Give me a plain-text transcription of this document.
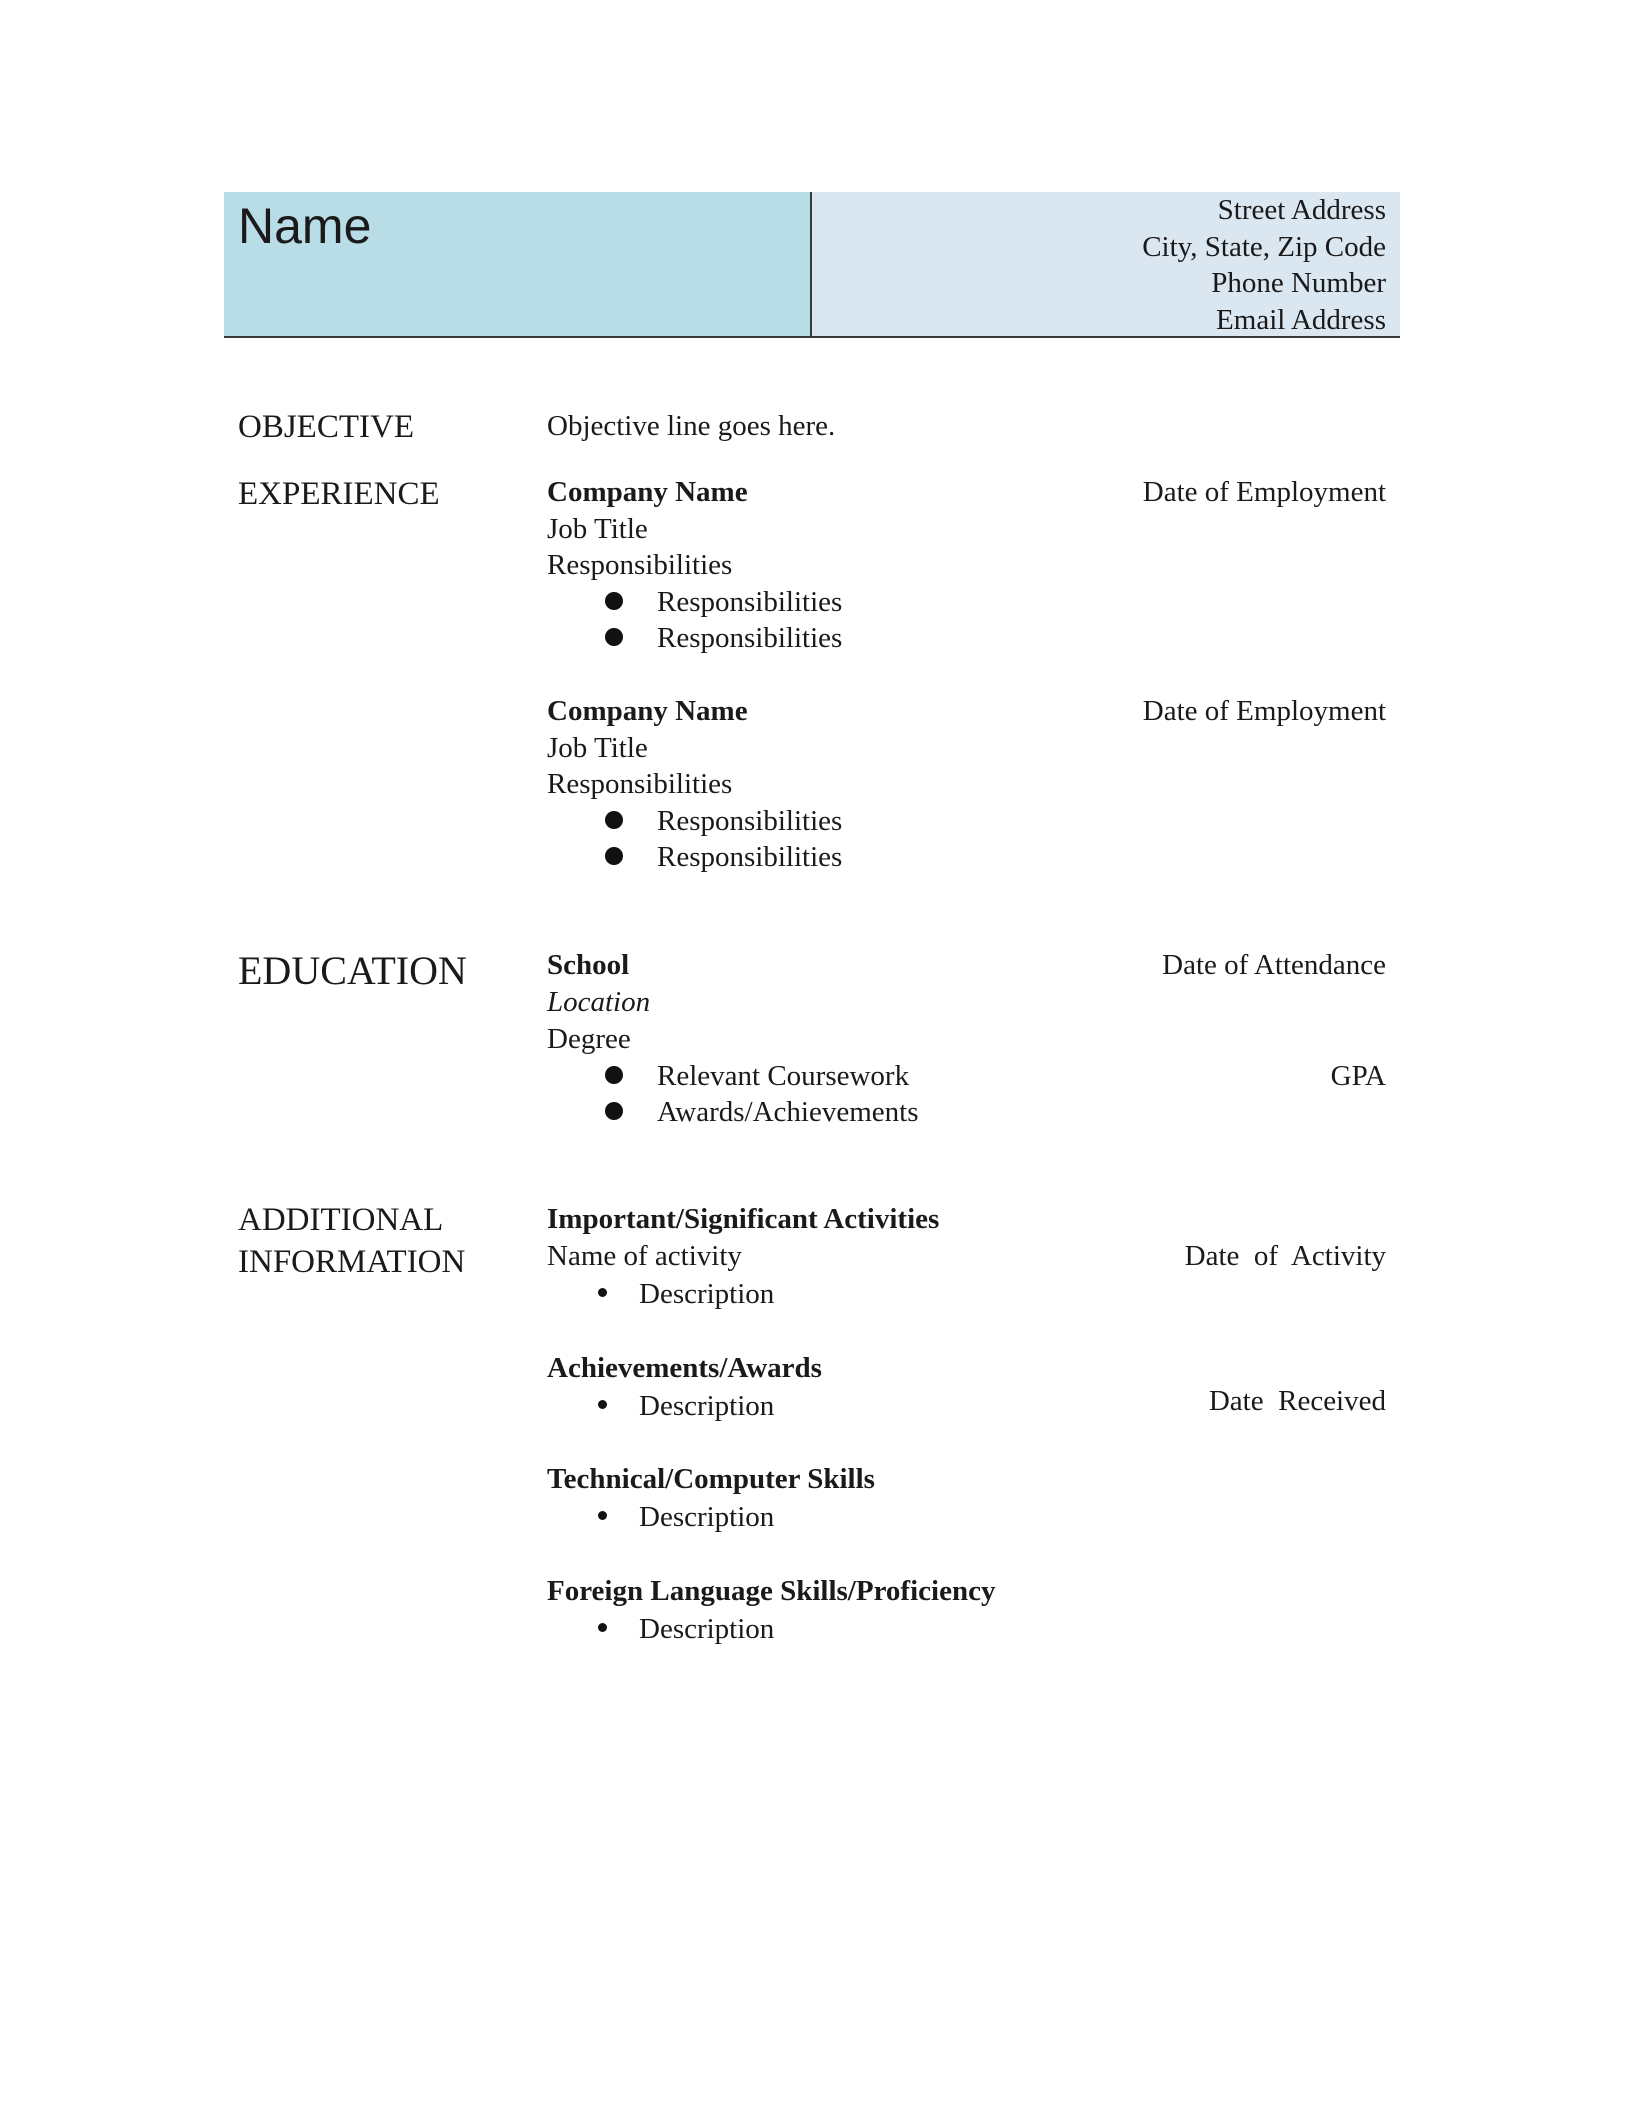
Name	Street Address
City, State, Zip Code
Phone Number
Email Address
OBJECTIVE	Objective line goes here.
EXPERIENCE	Company Name	Date of Employment
Job Title
Responsibilities
Responsibilities
Responsibilities
Company Name	Date of Employment
Job Title
Responsibilities
Responsibilities
Responsibilities
EDUCATION	School	Date of Attendance
Location
Degree
Relevant Coursework	GPA
Awards/Achievements
ADDITIONAL
INFORMATION
Important/Significant Activities
Name of activity	Date  of  Activity
Description
Achievements/Awards
Description	Date  Received
Technical/Computer Skills
Description
Foreign Language Skills/Proficiency
Description
